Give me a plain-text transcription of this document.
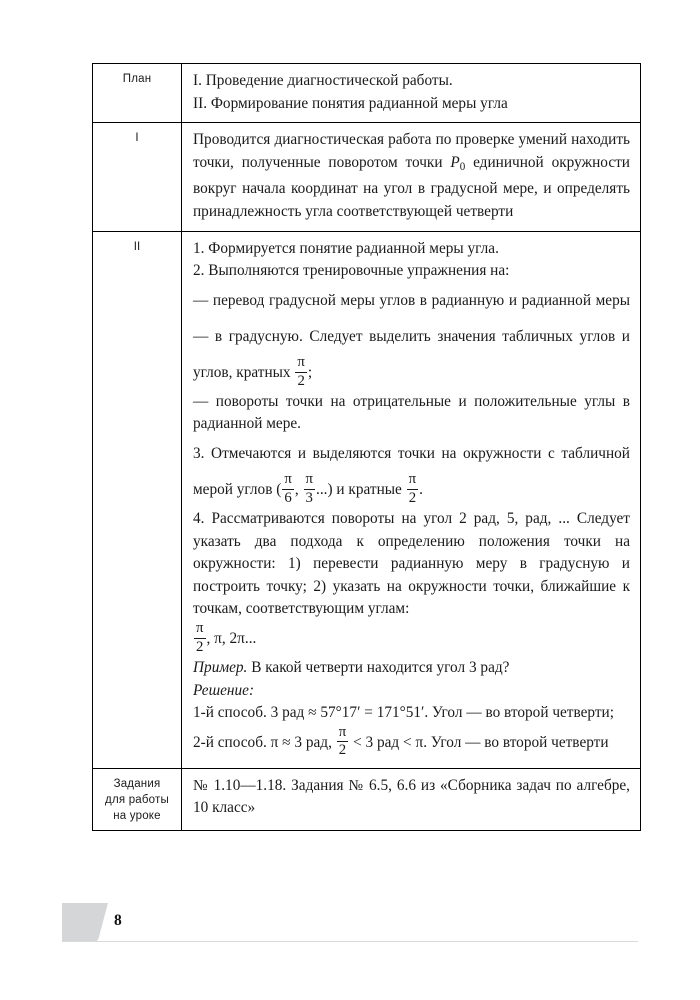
План	I. Проведение диагностической работы.

II. Формирование понятия радианной меры угла

I	Проводится диагностическая работа по проверке умений находить точки, полученные поворотом точки $P_0$ единичной окружности вокруг начала координат на угол в градусной мере, и определять принадлежность угла соответствующей четверти

II	1. Формируется понятие радианной меры угла.

2. Выполняются тренировочные упражнения на:

— перевод градусной меры углов в радианную и радианной меры — в градусную. Следует выделить значения табличных углов и углов, кратных $\frac{\pi}{2}$ ;

— повороты точки на отрицательные и положительные углы в радианной мере.

3. Отмечаются и выделяются точки на окружности с табличной мерой углов ( $\frac{\pi}{6}$ , $\frac{\pi}{3}$ ...) и кратные $\frac{\pi}{2}$ .

4. Рассматриваются повороты на угол 2 рад, 5, рад, ... Следует указать два подхода к определению положения точки на окружности: 1) перевести радианную меру в градусную и построить точку; 2) указать на окружности точки, ближайшие к точкам, соответствующим углам:

$\frac{\pi}{2}$ , π, 2π...

Пример. В какой четверти находится угол 3 рад?

Решение:

1-й способ. 3 рад ≈ 57°17′ = 171°51′. Угол — во второй четверти;

2-й способ. π ≈ 3 рад, $\frac{\pi}{2} < 3$ рад < π. Угол — во второй четверти

Задания
для работы
на уроке	№ 1.10—1.18. Задания № 6.5, 6.6 из «Сборника задач по алгебре, 10 класс»

8
